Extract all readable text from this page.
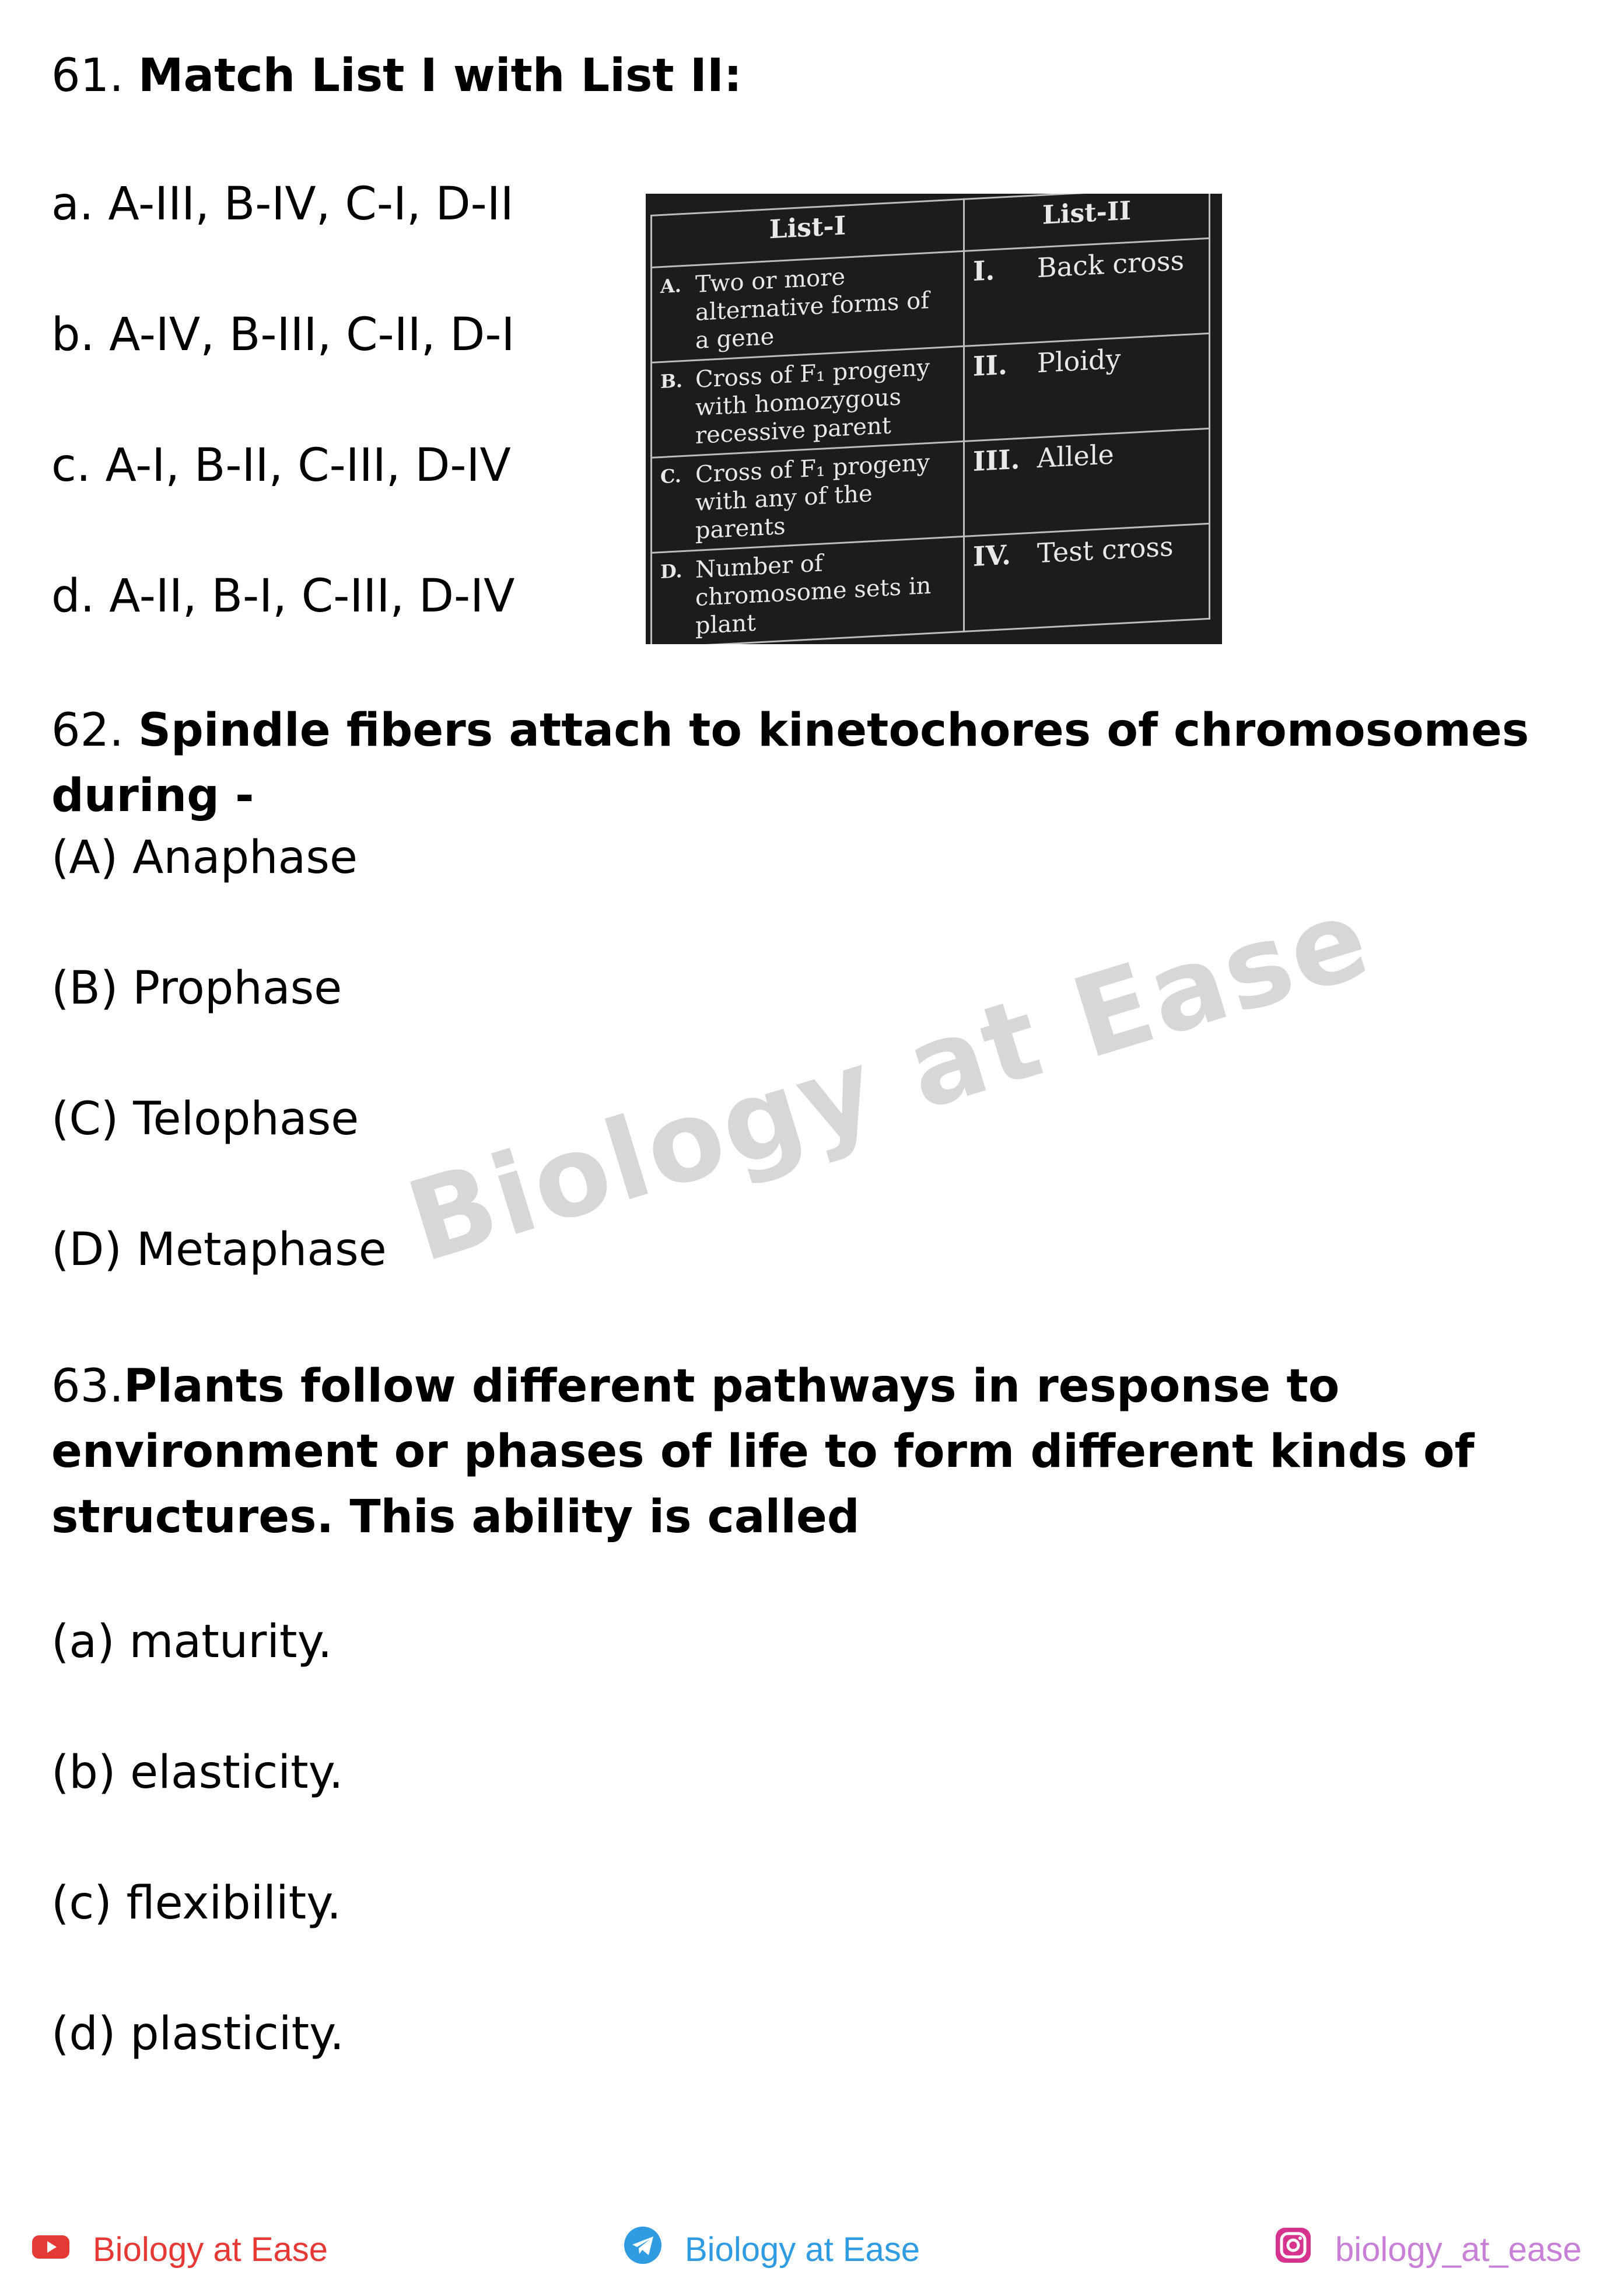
61. Match List I with List II:
a. A-III, B-IV, C-I, D-II
b. A-IV, B-III, C-II, D-I
c. A-I, B-II, C-III, D-IV
d. A-II, B-I, C-III, D-IV
List-I	List-II
A. Two or more alternative forms of a gene	I. Back cross
B. Cross of F₁ progeny with homozygous recessive parent	II. Ploidy
C. Cross of F₁ progeny with any of the parents	III. Allele
D. Number of chromosome sets in plant	IV. Test cross
62. Spindle fibers attach to kinetochores of chromosomes during -
(A) Anaphase
(B) Prophase
(C) Telophase
(D) Metaphase Biology at Ease
63.Plants follow different pathways in response to environment or phases of life to form different kinds of structures. This ability is called
(a) maturity.
(b) elasticity.
(c) flexibility.
(d) plasticity.
Biology at Ease	Biology at Ease	biology_at_ease
